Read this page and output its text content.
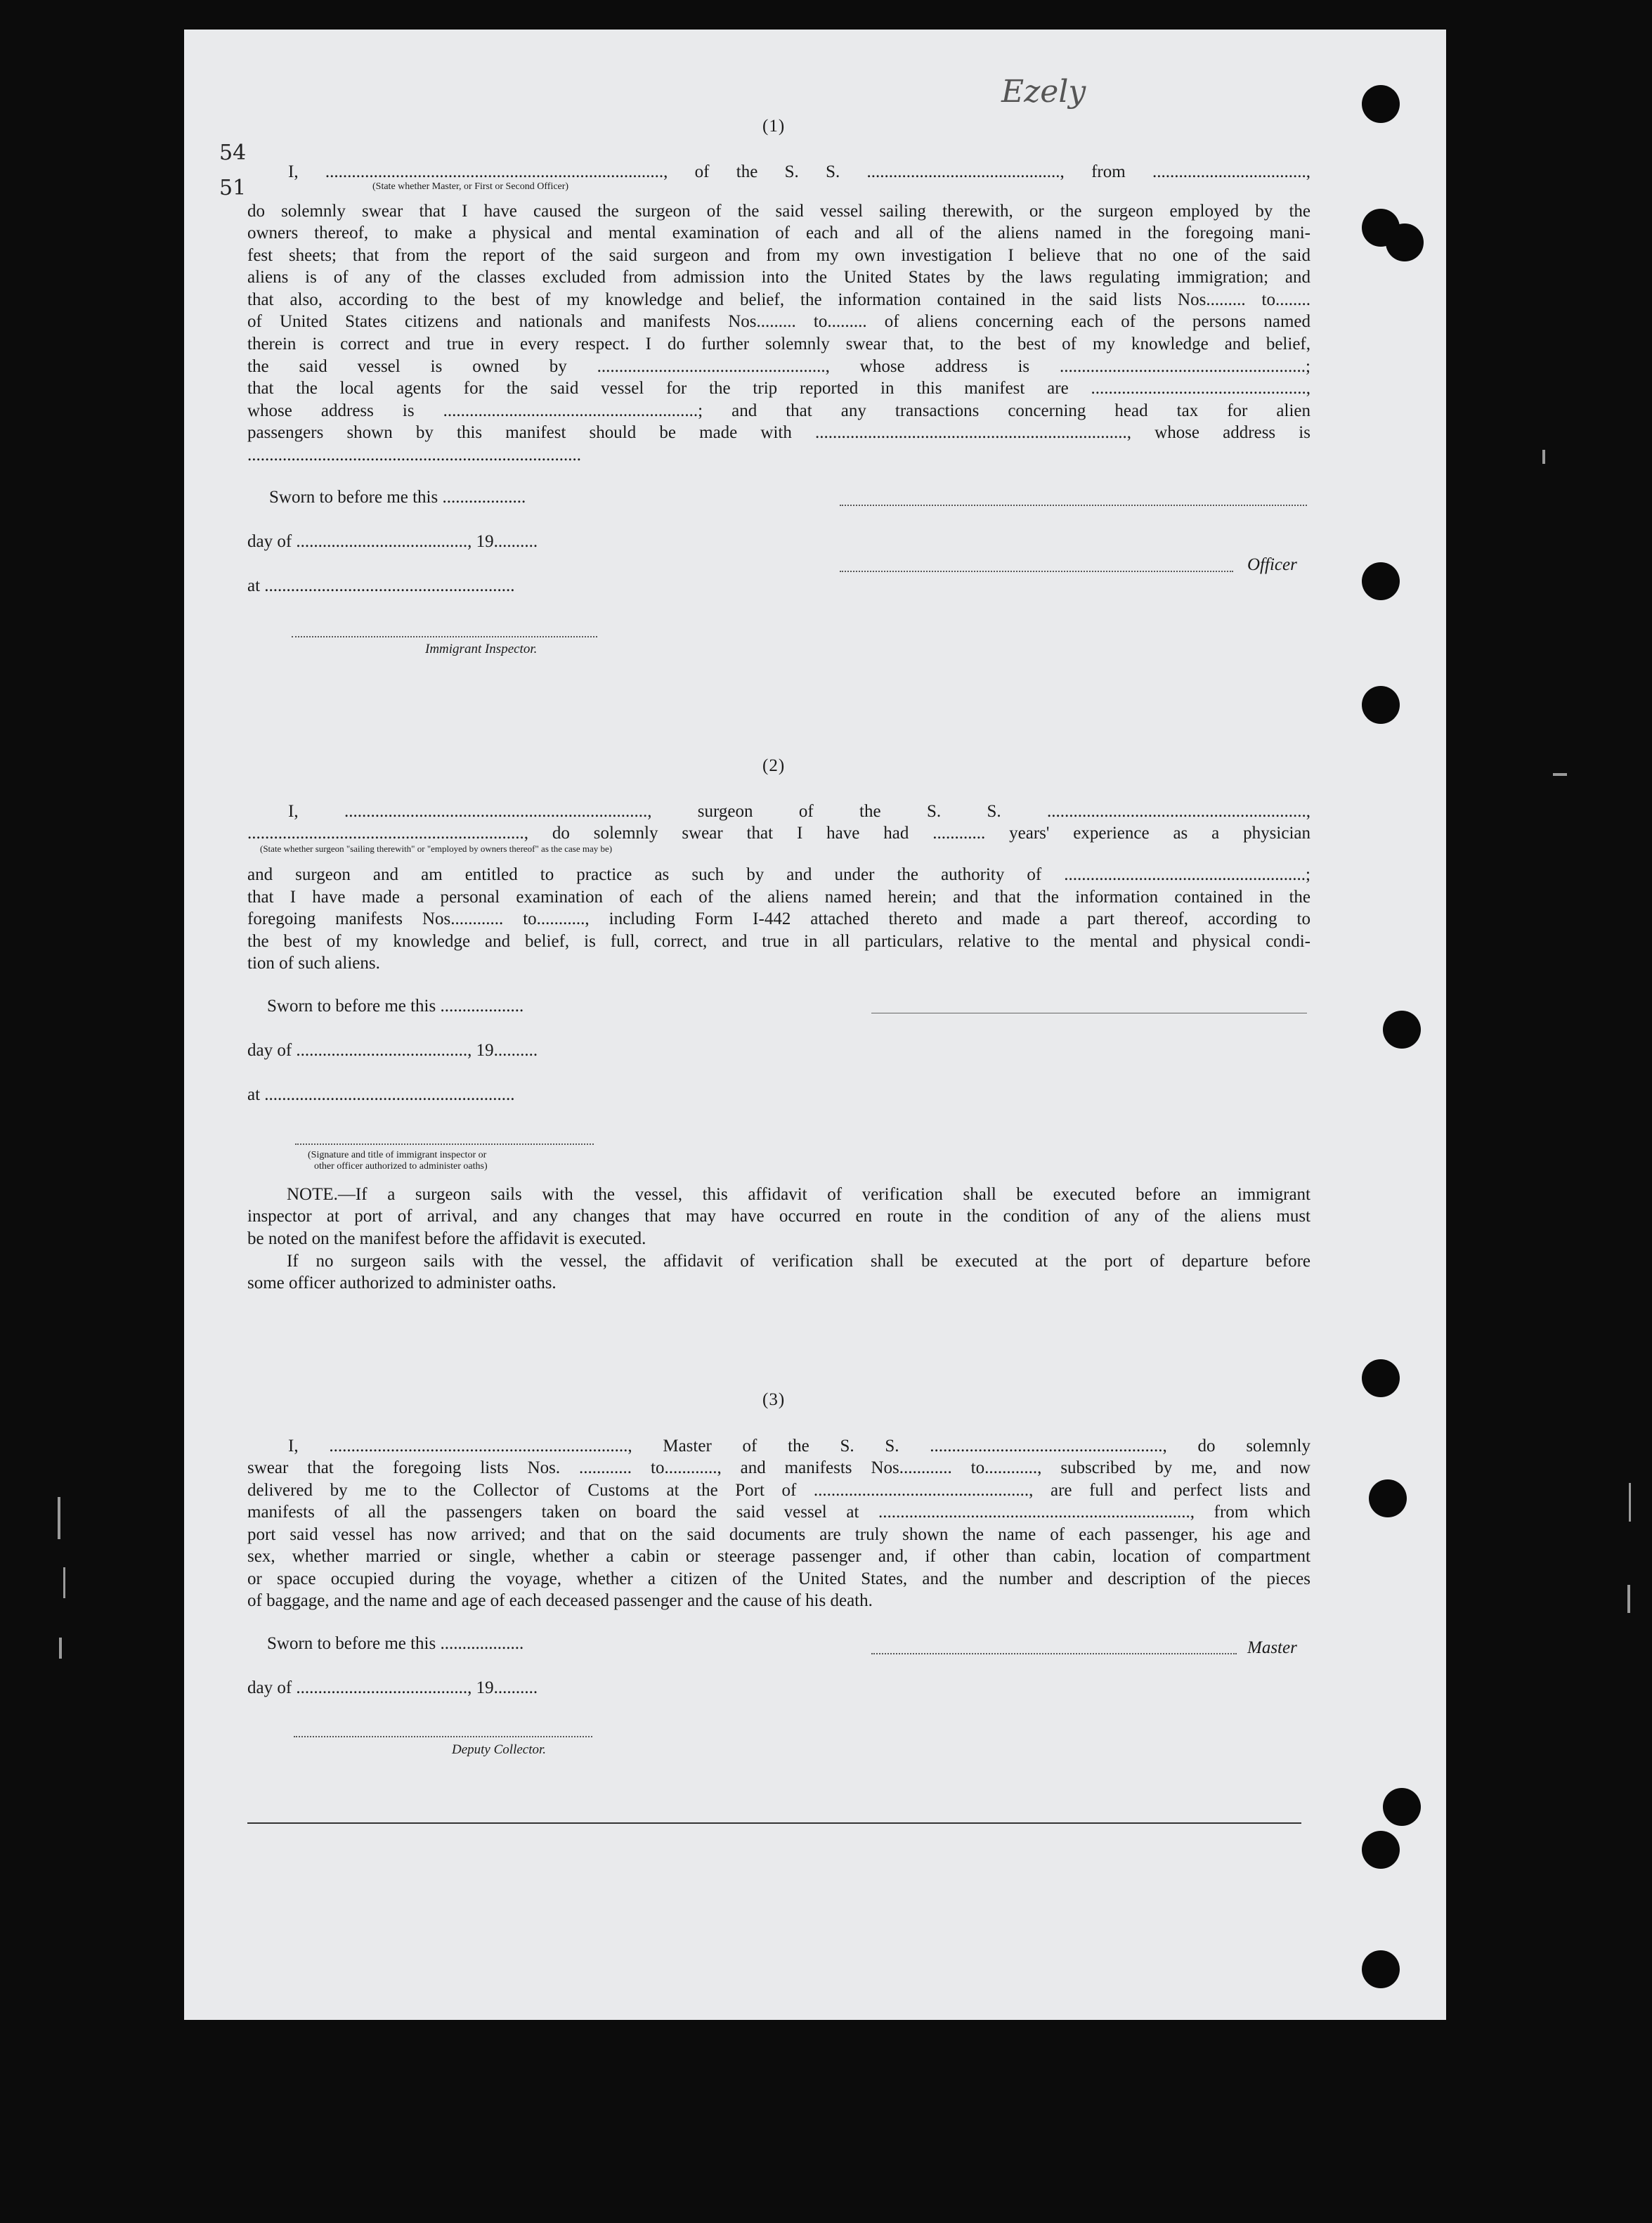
54
51
Ezely
(1)
I, ............................................................................., of the S. S. ............................................, from ...................................,
(State whether Master, or First or Second Officer)
do solemnly swear that I have caused the surgeon of the said vessel sailing therewith, or the surgeon employed by the
owners thereof, to make a physical and mental examination of each and all of the aliens named in the foregoing mani-
fest sheets; that from the report of the said surgeon and from my own investigation I believe that no one of the said
aliens is of any of the classes excluded from admission into the United States by the laws regulating immigration; and
that also, according to the best of my knowledge and belief, the information contained in the said lists Nos......... to........
of United States citizens and nationals and manifests Nos......... to......... of aliens concerning each of the persons named
therein is correct and true in every respect. I do further solemnly swear that, to the best of my knowledge and belief,
the said vessel is owned by ...................................................., whose address is ........................................................;
that the local agents for the said vessel for the trip reported in this manifest are .................................................,
whose address is ..........................................................; and that any transactions concerning head tax for alien
passengers shown by this manifest should be made with ......................................................................., whose address is
............................................................................
Sworn to before me this ...................
day of ......................................., 19..........
Officer
at .........................................................
Immigrant Inspector.
(2)
I, ....................................................................., surgeon of the S. S. ...........................................................,
..............................................................., do solemnly swear that I have had ............ years' experience as a physician
(State whether surgeon "sailing therewith" or "employed by owners thereof" as the case may be)
and surgeon and am entitled to practice as such by and under the authority of .......................................................;
that I have made a personal examination of each of the aliens named herein; and that the information contained in the
foregoing manifests Nos............ to..........., including Form I-442 attached thereto and made a part thereof, according to
the best of my knowledge and belief, is full, correct, and true in all particulars, relative to the mental and physical condi-
tion of such aliens.
Sworn to before me this ...................
day of ......................................., 19..........
at .........................................................
(Signature and title of immigrant inspector or
other officer authorized to administer oaths)
NOTE.—If a surgeon sails with the vessel, this affidavit of verification shall be executed before an immigrant
inspector at port of arrival, and any changes that may have occurred en route in the condition of any of the aliens must
be noted on the manifest before the affidavit is executed.
If no surgeon sails with the vessel, the affidavit of verification shall be executed at the port of departure before
some officer authorized to administer oaths.
(3)
I, ...................................................................., Master of the S. S. ....................................................., do solemnly
swear that the foregoing lists Nos. ............ to............, and manifests Nos............ to............, subscribed by me, and now
delivered by me to the Collector of Customs at the Port of ................................................., are full and perfect lists and
manifests of all the passengers taken on board the said vessel at ......................................................................., from which
port said vessel has now arrived; and that on the said documents are truly shown the name of each passenger, his age and
sex, whether married or single, whether a cabin or steerage passenger and, if other than cabin, location of compartment
or space occupied during the voyage, whether a citizen of the United States, and the number and description of the pieces
of baggage, and the name and age of each deceased passenger and the cause of his death.
Sworn to before me this ...................	Master
day of ......................................., 19..........
Deputy Collector.
